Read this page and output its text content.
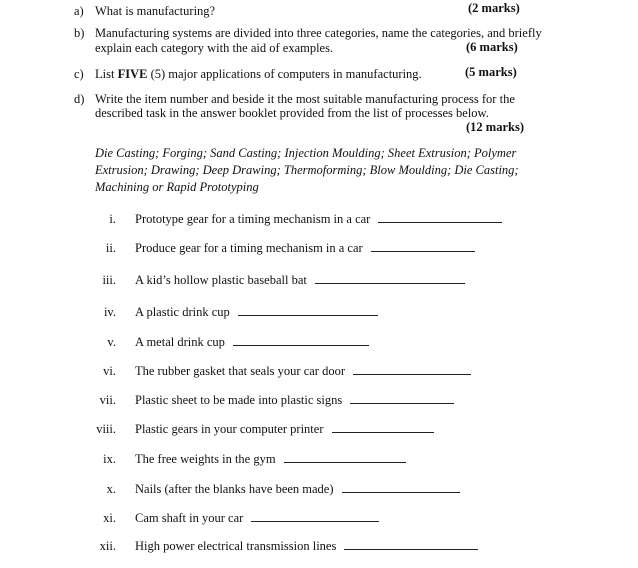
a) What is manufacturing?	(2 marks)
b) Manufacturing systems are divided into three categories, name the categories, and briefly
explain each category with the aid of examples.	(6 marks)
c) List FIVE (5) major applications of computers in manufacturing.	(5 marks)
d) Write the item number and beside it the most suitable manufacturing process for the
described task in the answer booklet provided from the list of processes below.
(12 marks)
Die Casting; Forging; Sand Casting; Injection Moulding; Sheet Extrusion; Polymer
Extrusion; Drawing; Deep Drawing; Thermoforming; Blow Moulding; Die Casting;
Machining or Rapid Prototyping
i. Prototype gear for a timing mechanism in a car
ii. Produce gear for a timing mechanism in a car
iii. A kid’s hollow plastic baseball bat
iv. A plastic drink cup
v. A metal drink cup
vi. The rubber gasket that seals your car door
vii. Plastic sheet to be made into plastic signs
viii. Plastic gears in your computer printer
ix. The free weights in the gym
x. Nails (after the blanks have been made)
xi. Cam shaft in your car
xii. High power electrical transmission lines
